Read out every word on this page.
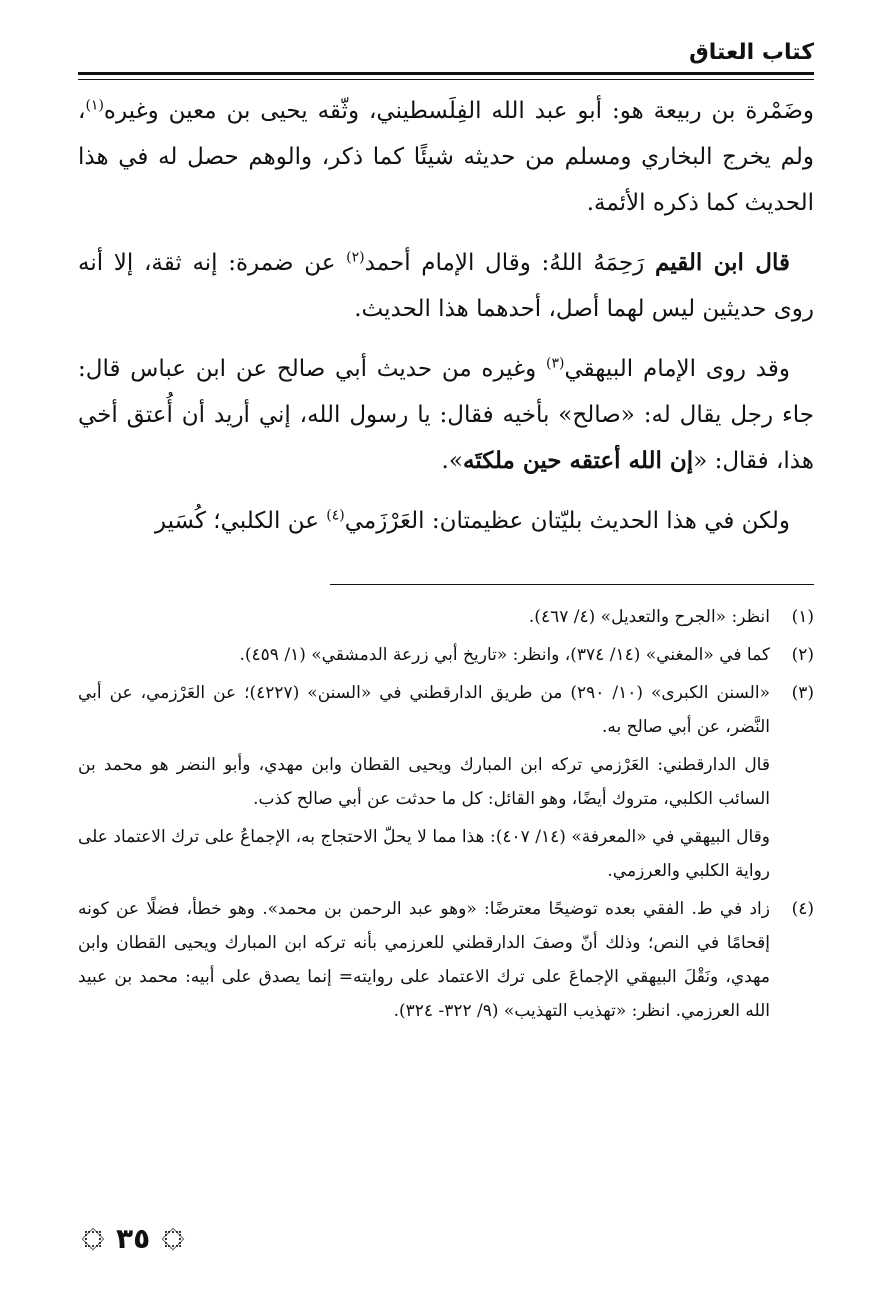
كتاب العتاق

وضَمْرة بن ربيعة هو: أبو عبد الله الفِلَسطيني، وثّقه يحيى بن معين وغيره$^{(١)}$، ولم يخرج البخاري ومسلم من حديثه شيئًا كما ذكر، والوهم حصل له في هذا الحديث كما ذكره الأئمة.

قال ابن القيم رَحِمَهُ اللهُ: وقال الإمام أحمد$^{(٢)}$ عن ضمرة: إنه ثقة، إلا أنه روى حديثين ليس لهما أصل، أحدهما هذا الحديث.

وقد روى الإمام البيهقي$^{(٣)}$ وغيره من حديث أبي صالح عن ابن عباس قال: جاء رجل يقال له: «صالح» بأخيه فقال: يا رسول الله، إني أريد أن أُعتق أخي هذا، فقال: «إن الله أعتقه حين ملكتَه».

ولكن في هذا الحديث بليّتان عظيمتان: العَرْزَمي$^{(٤)}$ عن الكلبي؛ كُسَير

(١)

انظر: «الجرح والتعديل» (٤/ ٤٦٧).

(٢)

كما في «المغني» (١٤/ ٣٧٤)، وانظر: «تاريخ أبي زرعة الدمشقي» (١/ ٤٥٩).

(٣)

«السنن الكبرى» (١٠/ ٢٩٠) من طريق الدارقطني في «السنن» (٤٢٢٧)؛ عن العَرْزمي، عن أبي النَّضر، عن أبي صالح به.

قال الدارقطني: العَرْزمي تركه ابن المبارك ويحيى القطان وابن مهدي، وأبو النضر هو محمد بن السائب الكلبي، متروك أيضًا، وهو القائل: كل ما حدثت عن أبي صالح كذب.

وقال البيهقي في «المعرفة» (١٤/ ٤٠٧): هذا مما لا يحلّ الاحتجاج به، الإجماعُ على ترك الاعتماد على رواية الكلبي والعرزمي.

(٤)

زاد في ط. الفقي بعده توضيحًا معترضًا: «وهو عبد الرحمن بن محمد». وهو خطأ، فضلًا عن كونه إقحامًا في النص؛ وذلك أنّ وصفَ الدارقطني للعرزمي بأنه تركه ابن المبارك ويحيى القطان وابن مهدي، ونَقْلَ البيهقي الإجماعَ على ترك الاعتماد على روايته= إنما يصدق على أبيه: محمد بن عبيد الله العرزمي. انظر: «تهذيب التهذيب» (٩/ ٣٢٢- ٣٢٤).

٣٥
